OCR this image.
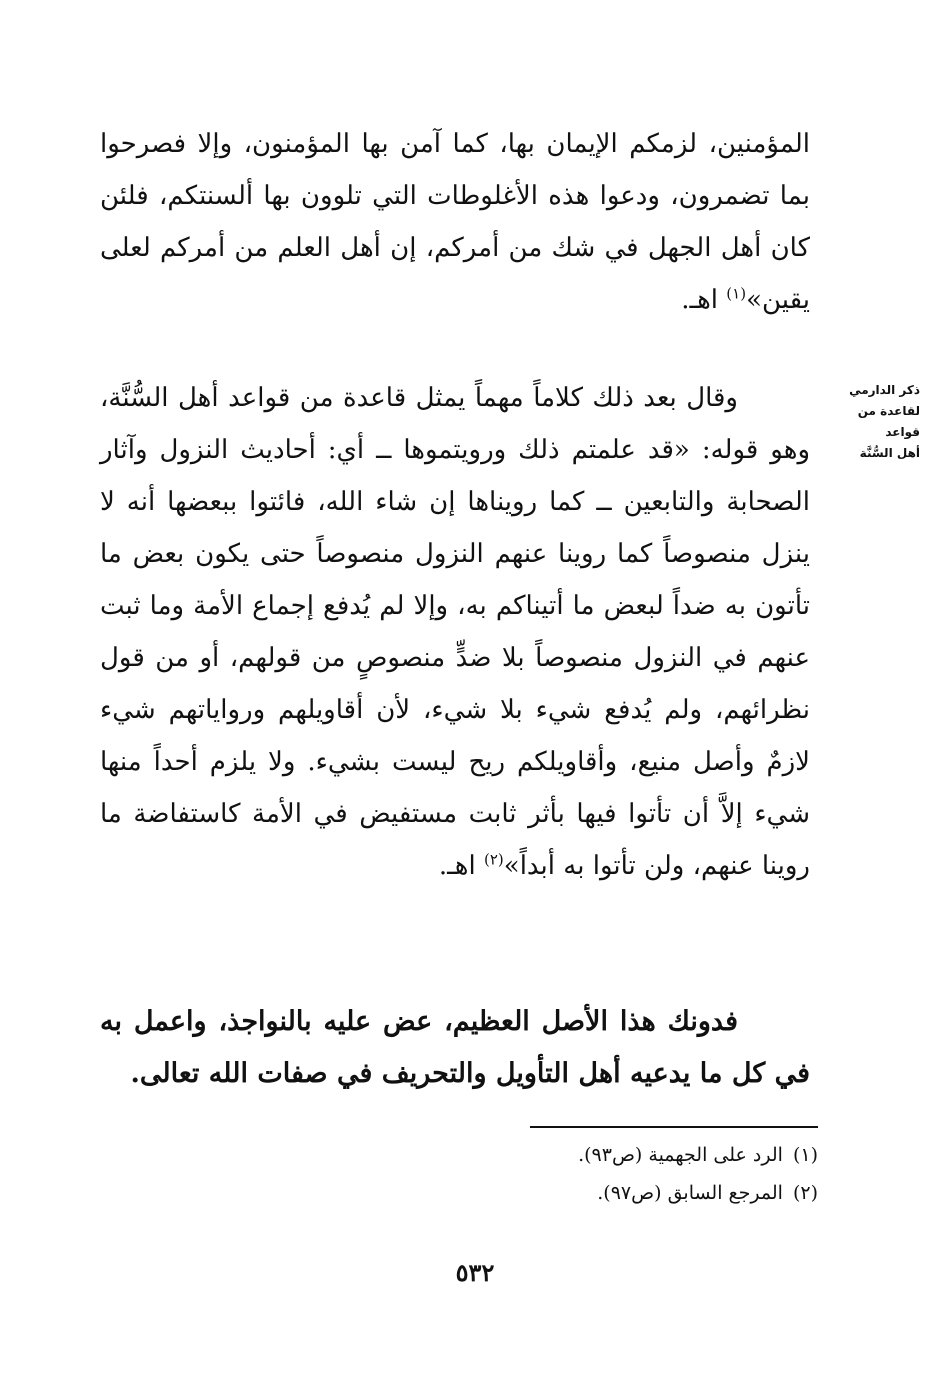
المؤمنين، لزمكم الإيمان بها، كما آمن بها المؤمنون، وإلا فصرحوا بما تضمرون، ودعوا هذه الأغلوطات التي تلوون بها ألسنتكم، فلئن كان أهل الجهل في شك من أمركم، إن أهل العلم من أمركم لعلى يقين»$^{(١)}$ اهـ.
ذكر الدارمي
لقاعدة من قواعد
أهل السُّنَّة
وقال بعد ذلك كلاماً مهماً يمثل قاعدة من قواعد أهل السُّنَّة، وهو قوله: «قد علمتم ذلك ورويتموها ــ أي: أحاديث النزول وآثار الصحابة والتابعين ــ كما رويناها إن شاء الله، فائتوا ببعضها أنه لا ينزل منصوصاً كما روينا عنهم النزول منصوصاً حتى يكون بعض ما تأتون به ضداً لبعض ما أتيناكم به، وإلا لم يُدفع إجماع الأمة وما ثبت عنهم في النزول منصوصاً بلا ضدٍّ منصوصٍ من قولهم، أو من قول نظرائهم، ولم يُدفع شيء بلا شيء، لأن أقاويلهم ورواياتهم شيء لازمٌ وأصل منيع، وأقاويلكم ريح ليست بشيء. ولا يلزم أحداً منها شيء إلاَّ أن تأتوا فيها بأثر ثابت مستفيض في الأمة كاستفاضة ما روينا عنهم، ولن تأتوا به أبداً»$^{(٢)}$ اهـ.
فدونك هذا الأصل العظيم، عض عليه بالنواجذ، واعمل به في كل ما يدعيه أهل التأويل والتحريف في صفات الله تعالى.
(١)الرد على الجهمية (ص٩٣).
(٢)المرجع السابق (ص٩٧).
٥٣٢
